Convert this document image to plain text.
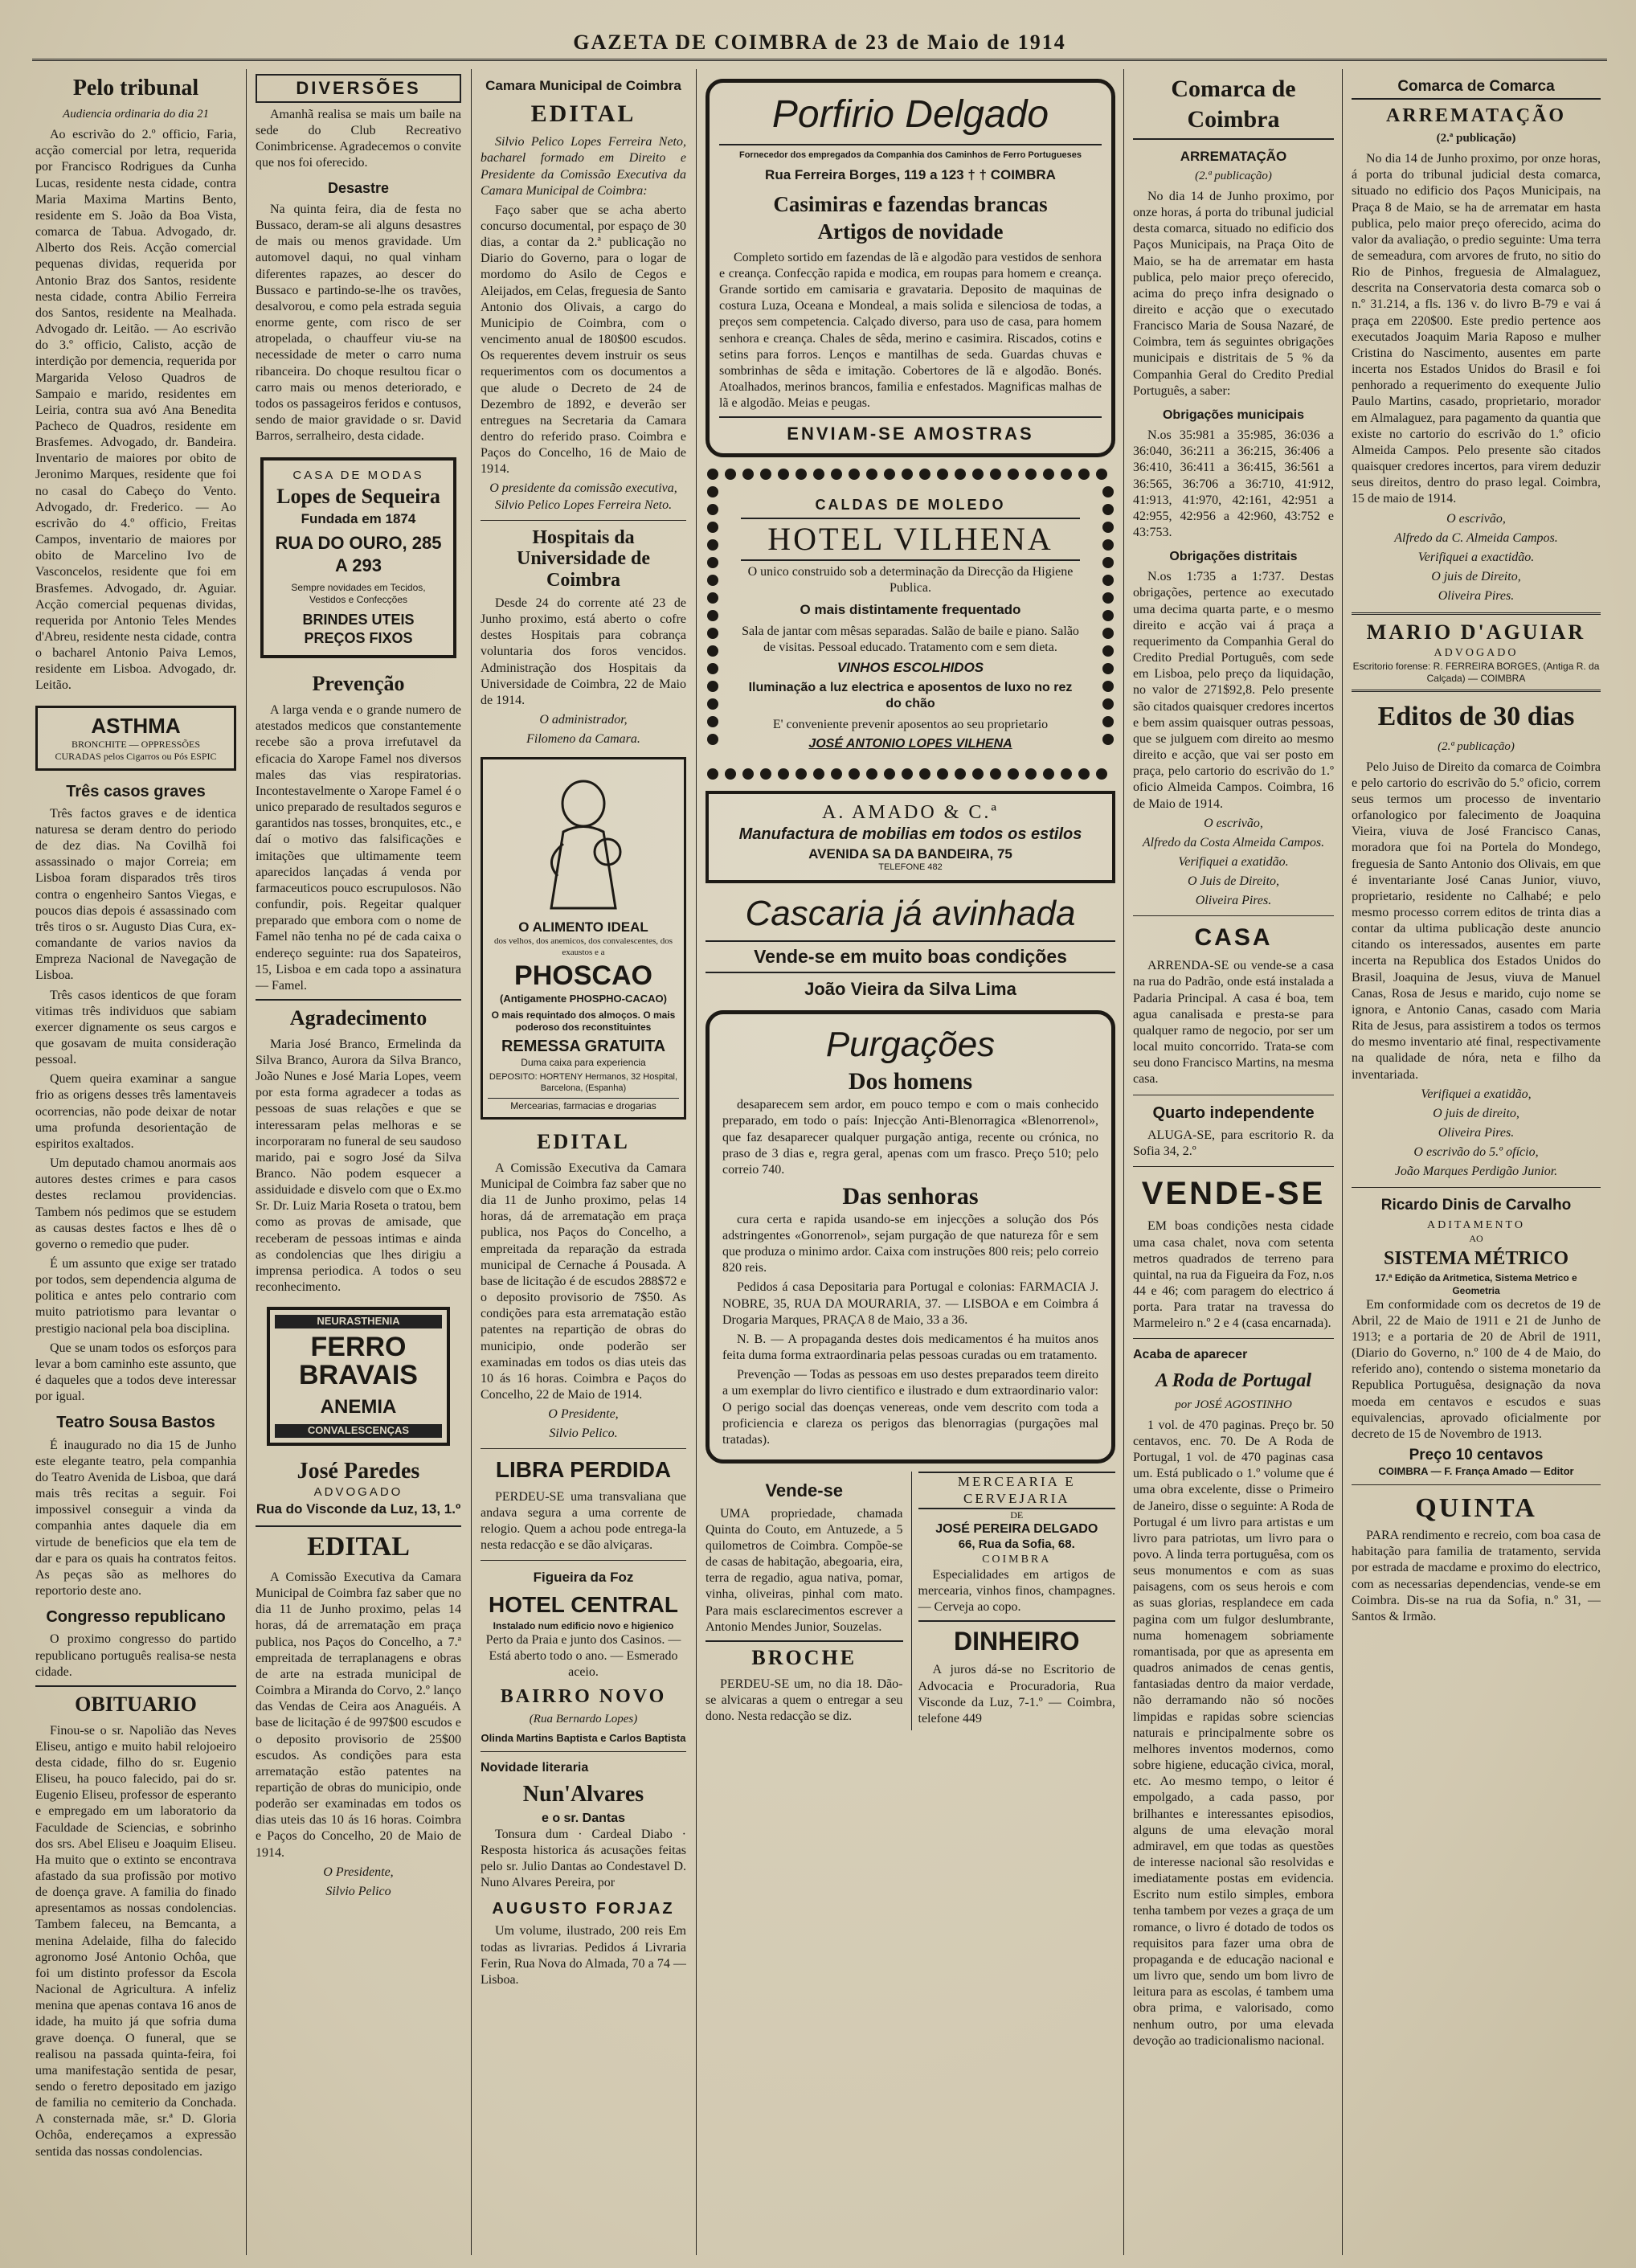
GAZETA DE COIMBRA de 23 de Maio de 1914
Pelo tribunal
Audiencia ordinaria do dia 21

Ao escrivão do 2.º officio, Faria, acção comercial por letra, requerida por Francisco Rodrigues da Cunha Lucas, residente nesta cidade, contra Maria Maxima Martins Bento, residente em S. João da Boa Vista, comarca de Tabua. Advogado, dr. Alberto dos Reis. Acção comercial pequenas dividas, requerida por Antonio Braz dos Santos, residente nesta cidade, contra Abilio Ferreira dos Santos, residente na Mealhada. Advogado dr. Leitão. — Ao escrivão do 3.º officio, Calisto, acção de interdição por demencia, requerida por Margarida Veloso Quadros de Sampaio e marido, residentes em Leiria, contra sua avó Ana Benedita Pacheco de Quadros, residente em Brasfemes. Advogado, dr. Bandeira. Inventario de maiores por obito de Jeronimo Marques, residente que foi no casal do Cabeço do Vento. Advogado, dr. Frederico. — Ao escrivão do 4.º officio, Freitas Campos, inventario de maiores por obito de Marcelino Ivo de Vasconcelos, residente que foi em Brasfemes. Advogado, dr. Aguiar. Acção comercial pequenas dividas, requerida por Antonio Teles Mendes d'Abreu, residente nesta cidade, contra o bacharel Antonio Paiva Lemos, residente em Lisboa. Advogado, dr. Leitão.

ASTHMA
BRONCHITE — OPPRESSÕES
CURADAS pelos Cigarros ou Pós ESPIC
Três casos graves

Três factos graves e de identica naturesa se deram dentro do periodo de dez dias. Na Covilhã foi assassinado o major Correia; em Lisboa foram disparados três tiros contra o engenheiro Santos Viegas, e poucos dias depois é assassinado com três tiros o sr. Augusto Dias Cura, ex-comandante de varios navios da Empreza Nacional de Navegação de Lisboa.

Três casos identicos de que foram vitimas três individuos que sabiam exercer dignamente os seus cargos e que gosavam de muita consideração pessoal.

Quem queira examinar a sangue frio as origens desses três lamentaveis ocorrencias, não pode deixar de notar uma profunda desorientação de espiritos exaltados.

Um deputado chamou anormais aos autores destes crimes e para casos destes reclamou providencias. Tambem nós pedimos que se estudem as causas destes factos e lhes dê o governo o remedio que puder.

É um assunto que exige ser tratado por todos, sem dependencia alguma de politica e antes pelo contrario com muito patriotismo para levantar o prestigio nacional pela boa disciplina.

Que se unam todos os esforços para levar a bom caminho este assunto, que é daqueles que a todos deve interessar por igual.

Teatro Sousa Bastos

É inaugurado no dia 15 de Junho este elegante teatro, pela companhia do Teatro Avenida de Lisboa, que dará mais três recitas a seguir. Foi impossivel conseguir a vinda da companhia antes daquele dia em virtude de beneficios que ela tem de dar e para os quais ha contratos feitos. As peças são as melhores do reportorio deste ano.

Congresso republicano

O proximo congresso do partido republicano português realisa-se nesta cidade.

OBITUARIO

Finou-se o sr. Napolião das Neves Eliseu, antigo e muito habil relojoeiro desta cidade, filho do sr. Eugenio Eliseu, ha pouco falecido, pai do sr. Eugenio Eliseu, professor de esperanto e empregado em um laboratorio da Faculdade de Sciencias, e sobrinho dos srs. Abel Eliseu e Joaquim Eliseu. Ha muito que o extinto se encontrava afastado da sua profissão por motivo de doença grave. A familia do finado apresentamos as nossas condolencias. Tambem faleceu, na Bemcanta, a menina Adelaide, filha do falecido agronomo José Antonio Ochôa, que foi um distinto professor da Escola Nacional de Agricultura. A infeliz menina que apenas contava 16 anos de idade, ha muito já que sofria duma grave doença. O funeral, que se realisou na passada quinta-feira, foi uma manifestação sentida de pesar, sendo o feretro depositado em jazigo de familia no cemiterio da Conchada. A consternada mãe, sr.ª D. Gloria Ochôa, endereçamos a expressão sentida das nossas condolencias.

DIVERSÕES

Amanhã realisa se mais um baile na sede do Club Recreativo Conimbricense. Agradecemos o convite que nos foi oferecido.

Desastre

Na quinta feira, dia de festa no Bussaco, deram-se ali alguns desastres de mais ou menos gravidade. Um automovel daqui, no qual vinham diferentes rapazes, ao descer do Bussaco e partindo-se-lhe os travões, desalvorou, e como pela estrada seguia enorme gente, com risco de ser atropelada, o chauffeur viu-se na necessidade de meter o carro numa ribanceira. Do choque resultou ficar o carro mais ou menos deteriorado, e todos os passageiros feridos e contusos, sendo de maior gravidade o sr. David Barros, serralheiro, desta cidade.

CASA DE MODAS
Lopes de Sequeira
Fundada em 1874
RUA DO OURO, 285 A 293
Sempre novidades em Tecidos, Vestidos e Confecções
BRINDES UTEIS
PREÇOS FIXOS
Prevenção

A larga venda e o grande numero de atestados medicos que constantemente recebe são a prova irrefutavel da eficacia do Xarope Famel nos diversos males das vias respiratorias. Incontestavelmente o Xarope Famel é o unico preparado de resultados seguros e garantidos nas tosses, bronquites, etc., e daí o motivo das falsificações e imitações que ultimamente teem aparecidos lançadas á venda por farmaceuticos pouco escrupulosos. Não confundir, pois. Regeitar qualquer preparado que embora com o nome de Famel não tenha no pé de cada caixa o endereço seguinte: rua dos Sapateiros, 15, Lisboa e em cada topo a assinatura — Famel.

Agradecimento

Maria José Branco, Ermelinda da Silva Branco, Aurora da Silva Branco, João Nunes e José Maria Lopes, veem por esta forma agradecer a todas as pessoas de suas relações e que se interessaram pelas melhoras e se incorporaram no funeral de seu saudoso marido, pai e sogro José da Silva Branco. Não podem esquecer a assiduidade e disvelo com que o Ex.mo Sr. Dr. Luiz Maria Roseta o tratou, bem como as provas de amisade, que receberam de pessoas intimas e ainda as condolencias que lhes dirigiu a imprensa periodica. A todos o seu reconhecimento.

NEURASTHENIA
FERRO BRAVAIS
ANEMIA
CONVALESCENÇAS
José Paredes
ADVOGADO
Rua do Visconde da Luz, 13, 1.º
EDITAL

A Comissão Executiva da Camara Municipal de Coimbra faz saber que no dia 11 de Junho proximo, pelas 14 horas, dá de arrematação em praça publica, nos Paços do Concelho, a 7.ª empreitada de terraplanagens e obras de arte na estrada municipal de Coimbra a Miranda do Corvo, 2.º lanço das Vendas de Ceira aos Anaguéis. A base de licitação é de 997$00 escudos e o deposito provisorio de 25$00 escudos. As condições para esta arrematação estão patentes na repartição de obras do municipio, onde poderão ser examinadas em todos os dias uteis das 10 ás 16 horas. Coimbra e Paços do Concelho, 20 de Maio de 1914.

O Presidente,
Silvio Pelico
Camara Municipal de Coimbra
EDITAL

Silvio Pelico Lopes Ferreira Neto, bacharel formado em Direito e Presidente da Comissão Executiva da Camara Municipal de Coimbra:

Faço saber que se acha aberto concurso documental, por espaço de 30 dias, a contar da 2.ª publicação no Diario do Governo, para o logar de mordomo do Asilo de Cegos e Aleijados, em Celas, freguesia de Santo Antonio dos Olivais, a cargo do Municipio de Coimbra, com o vencimento anual de 180$00 escudos. Os requerentes devem instruir os seus requerimentos com os documentos a que alude o Decreto de 24 de Dezembro de 1892, e deverão ser entregues na Secretaria da Camara dentro do referido praso. Coimbra e Paços do Concelho, 16 de Maio de 1914.

O presidente da comissão executiva, Silvio Pelico Lopes Ferreira Neto.
Hospitais da Universidade de Coimbra

Desde 24 do corrente até 23 de Junho proximo, está aberto o cofre destes Hospitais para cobrança voluntaria dos foros vencidos. Administração dos Hospitais da Universidade de Coimbra, 22 de Maio de 1914.

O administrador,
Filomeno da Camara.
O ALIMENTO IDEAL
dos velhos, dos anemicos, dos convalescentes, dos exaustos e a
PHOSCAO
(Antigamente PHOSPHO-CACAO)
O mais requintado dos almoços. O mais poderoso dos reconstituintes
REMESSA GRATUITA
Duma caixa para experiencia
DEPOSITO: HORTENY Hermanos, 32 Hospital, Barcelona, (Espanha)
Mercearias, farmacias e drogarias
EDITAL

A Comissão Executiva da Camara Municipal de Coimbra faz saber que no dia 11 de Junho proximo, pelas 14 horas, dá de arrematação em praça publica, nos Paços do Concelho, a empreitada da reparação da estrada municipal de Cernache á Pousada. A base de licitação é de escudos 288$72 e o deposito provisorio de 7$50. As condições para esta arrematação estão patentes na repartição de obras do municipio, onde poderão ser examinadas em todos os dias uteis das 10 ás 16 horas. Coimbra e Paços do Concelho, 22 de Maio de 1914.

O Presidente,
Silvio Pelico.
LIBRA PERDIDA

PERDEU-SE uma transvaliana que andava segura a uma corrente de relogio. Quem a achou pode entrega-la nesta redacção e se dão alviçaras.

Figueira da Foz
HOTEL CENTRAL
Instalado num edificio novo e higienico

Perto da Praia e junto dos Casinos. — Está aberto todo o ano. — Esmerado aceio.

BAIRRO NOVO
(Rua Bernardo Lopes)
Olinda Martins Baptista e Carlos Baptista
Novidade literaria
Nun'Alvares
e o sr. Dantas

Tonsura dum · Cardeal Diabo · Resposta historica ás acusações feitas pelo sr. Julio Dantas ao Condestavel D. Nuno Alvares Pereira, por

AUGUSTO FORJAZ

Um volume, ilustrado, 200 reis Em todas as livrarias. Pedidos á Livraria Ferin, Rua Nova do Almada, 70 a 74 — Lisboa.

Porfirio Delgado
Fornecedor dos empregados da Companhia dos Caminhos de Ferro Portugueses
Rua Ferreira Borges, 119 a 123 † † COIMBRA
Casimiras e fazendas brancas
Artigos de novidade

Completo sortido em fazendas de lã e algodão para vestidos de senhora e creança. Confecção rapida e modica, em roupas para homem e creança. Grande sortido em camisaria e gravataria. Deposito de maquinas de costura Luza, Oceana e Mondeal, a mais solida e silenciosa de todas, a preços sem competencia. Calçado diverso, para uso de casa, para homem senhora e creança. Chales de sêda, merino e casimira. Riscados, cotins e setins para forros. Lenços e mantilhas de seda. Guardas chuvas e sombrinhas de sêda e imitação. Cobertores de lã e algodão. Bonés. Atoalhados, merinos brancos, familia e enfestados. Magnificas malhas de lã e algodão. Meias e peugas.

ENVIAM-SE AMOSTRAS
CALDAS DE MOLEDO
HOTEL VILHENA

O unico construido sob a determinação da Direcção da Higiene Publica.

O mais distintamente frequentado

Sala de jantar com mêsas separadas. Salão de baile e piano. Salão de visitas. Pessoal educado. Tratamento com e sem dieta.

VINHOS ESCOLHIDOS
Iluminação a luz electrica e aposentos de luxo no rez do chão

E' conveniente prevenir aposentos ao seu proprietario

JOSÉ ANTONIO LOPES VILHENA
A. AMADO & C.ª
Manufactura de mobilias em todos os estilos
AVENIDA SA DA BANDEIRA, 75
TELEFONE 482
Cascaria já avinhada
Vende-se em muito boas condições
João Vieira da Silva Lima
Purgações
Dos homens

desaparecem sem ardor, em pouco tempo e com o mais conhecido preparado, em todo o país: Injecção Anti-Blenorragica «Blenorrenol», que faz desaparecer qualquer purgação antiga, recente ou crónica, no praso de 3 dias e, regra geral, apenas com um frasco. Preço 510; pelo correio 740.

Das senhoras

cura certa e rapida usando-se em injecções a solução dos Pós adstringentes «Gonorrenol», sejam purgação de que natureza fôr e sem que produza o minimo ardor. Caixa com instruções 800 reis; pelo correio 820 reis.

Pedidos á casa Depositaria para Portugal e colonias: FARMACIA J. NOBRE, 35, RUA DA MOURARIA, 37. — LISBOA e em Coimbra á Drogaria Marques, PRAÇA 8 de Maio, 33 a 36.

N. B. — A propaganda destes dois medicamentos é ha muitos anos feita duma forma extraordinaria pelas pessoas curadas ou em tratamento.

Prevenção — Todas as pessoas em uso destes preparados teem direito a um exemplar do livro cientifico e ilustrado e dum extraordinario valor: O perigo social das doenças venereas, onde vem descrito com toda a proficiencia e clareza os perigos das blenorragias (purgações mal tratadas).

Vende-se

UMA propriedade, chamada Quinta do Couto, em Antuzede, a 5 quilometros de Coimbra. Compõe-se de casas de habitação, abegoaria, eira, terra de regadio, agua nativa, pomar, vinha, oliveiras, pinhal com mato. Para mais esclarecimentos escrever a Antonio Mendes Junior, Souzelas.

BROCHE

PERDEU-SE um, no dia 18. Dão-se alvicaras a quem o entregar a seu dono. Nesta redacção se diz.

MERCEARIA E CERVEJARIA
DE
JOSÉ PEREIRA DELGADO
66, Rua da Sofia, 68.
COIMBRA

Especialidades em artigos de mercearia, vinhos finos, champagnes. — Cerveja ao copo.

DINHEIRO

A juros dá-se no Escritorio de Advocacia e Procuradoria, Rua Visconde da Luz, 7-1.º — Coimbra, telefone 449

Comarca de Coimbra
ARREMATAÇÃO
(2.ª publicação)

No dia 14 de Junho proximo, por onze horas, á porta do tribunal judicial desta comarca, situado no edificio dos Paços Municipais, na Praça Oito de Maio, se ha de arrematar em hasta publica, pelo maior preço oferecido, acima do preço infra designado o direito e acção que o executado Francisco Maria de Sousa Nazaré, de Coimbra, tem ás seguintes obrigações municipais e distritais de 5 % da Companhia Geral do Credito Predial Português, a saber:

Obrigações municipais

N.os 35:981 a 35:985, 36:036 a 36:040, 36:211 a 36:215, 36:406 a 36:410, 36:411 a 36:415, 36:561 a 36:565, 36:706 a 36:710, 41:912, 41:913, 41:970, 42:161, 42:951 a 42:955, 42:956 a 42:960, 43:752 e 43:753.

Obrigações distritais

N.os 1:735 a 1:737. Destas obrigações, pertence ao executado uma decima quarta parte, e o mesmo direito e acção vai á praça a requerimento da Companhia Geral do Credito Predial Português, com sede em Lisboa, pelo preço da liquidação, no valor de 271$92,8. Pelo presente são citados quaisquer credores incertos e bem assim quaisquer outras pessoas, que se julguem com direito ao mesmo direito e acção, que vai ser posto em praça, pelo cartorio do escrivão do 1.º oficio Almeida Campos. Coimbra, 16 de Maio de 1914.

O escrivão,
Alfredo da Costa Almeida Campos.
Verifiquei a exatidão.
O Juis de Direito,
Oliveira Pires.
CASA

ARRENDA-SE ou vende-se a casa na rua do Padrão, onde está instalada a Padaria Principal. A casa é boa, tem agua canalisada e presta-se para qualquer ramo de negocio, por ser um local muito concorrido. Trata-se com seu dono Francisco Martins, na mesma casa.

Quarto independente

ALUGA-SE, para escritorio R. da Sofia 34, 2.º

VENDE-SE

EM boas condições nesta cidade uma casa chalet, nova com setenta metros quadrados de terreno para quintal, na rua da Figueira da Foz, n.os 44 e 46; com paragem do electrico á porta. Para tratar na travessa do Marmeleiro n.º 2 e 4 (casa encarnada).

Acaba de aparecer
A Roda de Portugal
por JOSÉ AGOSTINHO

1 vol. de 470 paginas. Preço br. 50 centavos, enc. 70. De A Roda de Portugal, 1 vol. de 470 paginas casa um. Está publicado o 1.º volume que é uma obra excelente, disse o Primeiro de Janeiro, disse o seguinte: A Roda de Portugal é um livro para artistas e um livro para patriotas, um livro para o povo. A linda terra portuguêsa, com os seus monumentos e com as suas paisagens, com os seus herois e com as suas glorias, resplandece em cada pagina com um fulgor deslumbrante, numa homenagem sobriamente romantisada, por que as apresenta em quadros animados de cenas gentis, fantasiadas dentro da maior verdade, não derramando não só nocões limpidas e rapidas sobre sciencias naturais e principalmente sobre os melhores inventos modernos, como sobre higiene, educação civica, moral, etc. Ao mesmo tempo, o leitor é empolgado, a cada passo, por brilhantes e interessantes episodios, alguns de uma elevação moral admiravel, em que todas as questões de interesse nacional são resolvidas e imediatamente postas em evidencia. Escrito num estilo simples, embora tenha tambem por vezes a graça de um romance, o livro é dotado de todos os requisitos para fazer uma obra de propaganda e de educação nacional e um livro que, sendo um bom livro de leitura para as escolas, é tambem uma obra prima, e valorisado, como nenhum outro, por uma elevada devoção ao tradicionalismo nacional.

Comarca de Comarca
ARREMATAÇÃO
(2.ª publicação)

No dia 14 de Junho proximo, por onze horas, á porta do tribunal judicial desta comarca, situado no edificio dos Paços Municipais, na Praça 8 de Maio, se ha de arrematar em hasta publica, pelo maior preço oferecido, acima do valor da avaliação, o predio seguinte: Uma terra de semeadura, com arvores de fruto, no sitio do Rio de Pinhos, freguesia de Almalaguez, descrita na Conservatoria desta comarca sob o n.º 31.214, a fls. 136 v. do livro B-79 e vai á praça em 220$00. Este predio pertence aos executados Joaquim Maria Raposo e mulher Cristina do Nascimento, ausentes em parte incerta nos Estados Unidos do Brasil e foi penhorado a requerimento do exequente Julio Paulo Martins, casado, proprietario, morador em Almalaguez, para pagamento da quantia que existe no cartorio do escrivão do 1.º oficio Almeida Campos. Pelo presente são citados quaisquer credores incertos, para virem deduzir seus direitos, dentro do praso legal. Coimbra, 15 de maio de 1914.

O escrivão,
Alfredo da C. Almeida Campos.
Verifiquei a exactidão.
O juis de Direito,
Oliveira Pires.
MARIO D'AGUIAR
ADVOGADO
Escritorio forense: R. FERREIRA BORGES, (Antiga R. da Calçada) — COIMBRA
Editos de 30 dias
(2.ª publicação)

Pelo Juiso de Direito da comarca de Coimbra e pelo cartorio do escrivão do 5.º oficio, correm seus termos um processo de inventario orfanologico por falecimento de Joaquina Vieira, viuva de José Francisco Canas, moradora que foi na Portela do Mondego, freguesia de Santo Antonio dos Olivais, em que é inventariante José Canas Junior, viuvo, proprietario, residente no Calhabé; e pelo mesmo processo correm editos de trinta dias a contar da ultima publicação deste anuncio citando os interessados, ausentes em parte incerta na Republica dos Estados Unidos do Brasil, Joaquina de Jesus, viuva de Manuel Canas, Rosa de Jesus e marido, cujo nome se ignora, e Antonio Canas, casado com Maria Rita de Jesus, para assistirem a todos os termos do mesmo inventario até final, respectivamente na qualidade de nóra, neta e filho da inventariada.

Verifiquei a exatidão,
O juis de direito,
Oliveira Pires.
O escrivão do 5.º ofício,
João Marques Perdigão Junior.
Ricardo Dinis de Carvalho
ADITAMENTO
AO
SISTEMA MÉTRICO
17.ª Edição da Aritmetica, Sistema Metrico e Geometria

Em conformidade com os decretos de 19 de Abril, 22 de Maio de 1911 e 21 de Junho de 1913; e a portaria de 20 de Abril de 1911, (Diario do Governo, n.º 100 de 4 de Maio, do referido ano), contendo o sistema monetario da Republica Portuguêsa, designação da nova moeda em centavos e escudos e suas equivalencias, aprovado oficialmente por decreto de 15 de Novembro de 1913.

Preço 10 centavos
COIMBRA — F. França Amado — Editor
QUINTA

PARA rendimento e recreio, com boa casa de habitação para familia de tratamento, servida por estrada de macdame e proximo do electrico, com as necessarias dependencias, vende-se em Coimbra. Dis-se na rua da Sofia, n.º 31, — Santos & Irmão.
